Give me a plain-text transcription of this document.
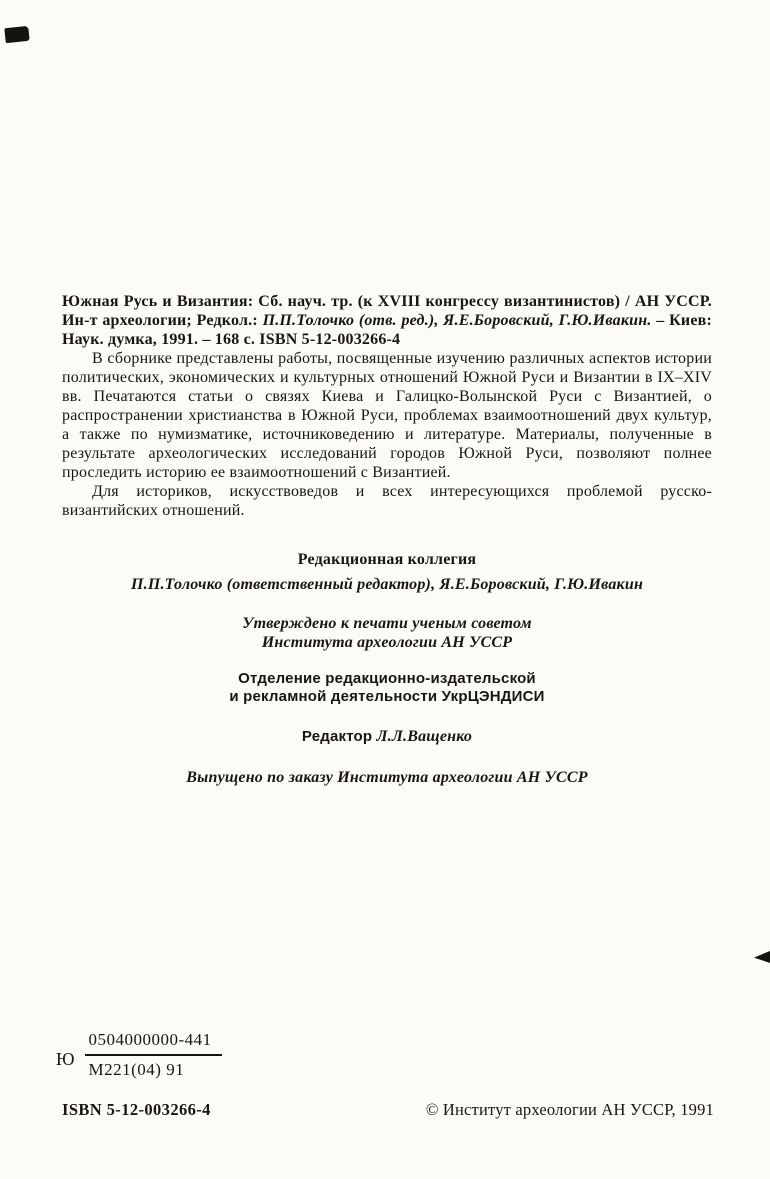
Южная Русь и Византия: Сб. науч. тр. (к XVIII конгрессу византинистов) / АН УССР. Ин-т археологии; Редкол.: П.П.Толочко (отв. ред.), Я.Е.Боровский, Г.Ю.Ивакин. – Киев: Наук. думка, 1991. – 168 с. ISBN 5-12-003266-4

В сборнике представлены работы, посвященные изучению различных аспектов истории политических, экономических и культурных отношений Южной Руси и Византии в IX–XIV вв. Печатаются статьи о связях Киева и Галицко-Волынской Руси с Византией, о распространении христианства в Южной Руси, проблемах взаимоотношений двух культур, а также по нумизматике, источниковедению и литературе. Материалы, полученные в результате археологических исследований городов Южной Руси, позволяют полнее проследить историю ее взаимоотношений с Византией.

Для историков, искусствоведов и всех интересующихся проблемой русско-византийских отношений.

Редакционная коллегия

П.П.Толочко (ответственный редактор), Я.Е.Боровский, Г.Ю.Ивакин

Утверждено к печати ученым советом
Института археологии АН УССР

Отделение редакционно-издательской
и рекламной деятельности УкрЦЭНДИСИ

Редактор Л.Л.Ващенко

Выпущено по заказу Института археологии АН УССР

Ю $\frac{0504000000-441}{М221(04) 91}$
ISBN 5-12-003266-4	© Институт археологии АН УССР, 1991
